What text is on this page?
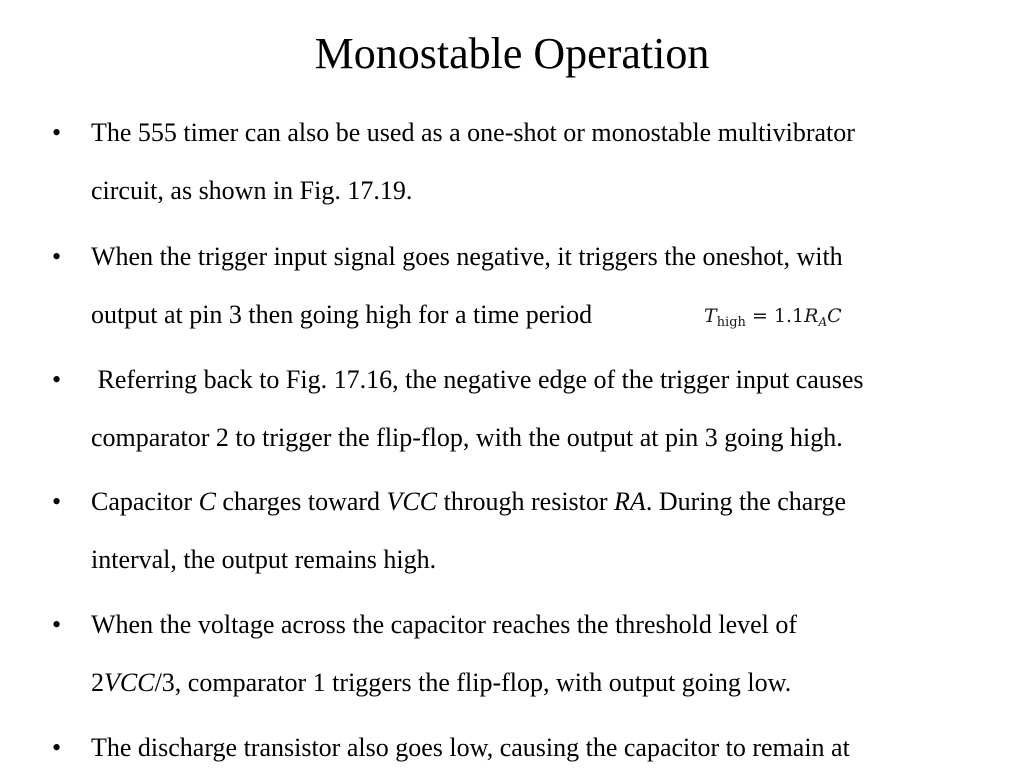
Monostable Operation
• The 555 timer can also be used as a one-shot or monostable multivibrator
circuit, as shown in Fig. 17.19.
• When the trigger input signal goes negative, it triggers the oneshot, with
output at pin 3 then going high for a time period	$T_{high} = 1.1R_AC$
• Referring back to Fig. 17.16, the negative edge of the trigger input causes
comparator 2 to trigger the flip-flop, with the output at pin 3 going high.
• Capacitor C charges toward VCC through resistor RA. During the charge
interval, the output remains high.
• When the voltage across the capacitor reaches the threshold level of
2VCC/3, comparator 1 triggers the flip-flop, with output going low.
• The discharge transistor also goes low, causing the capacitor to remain at
